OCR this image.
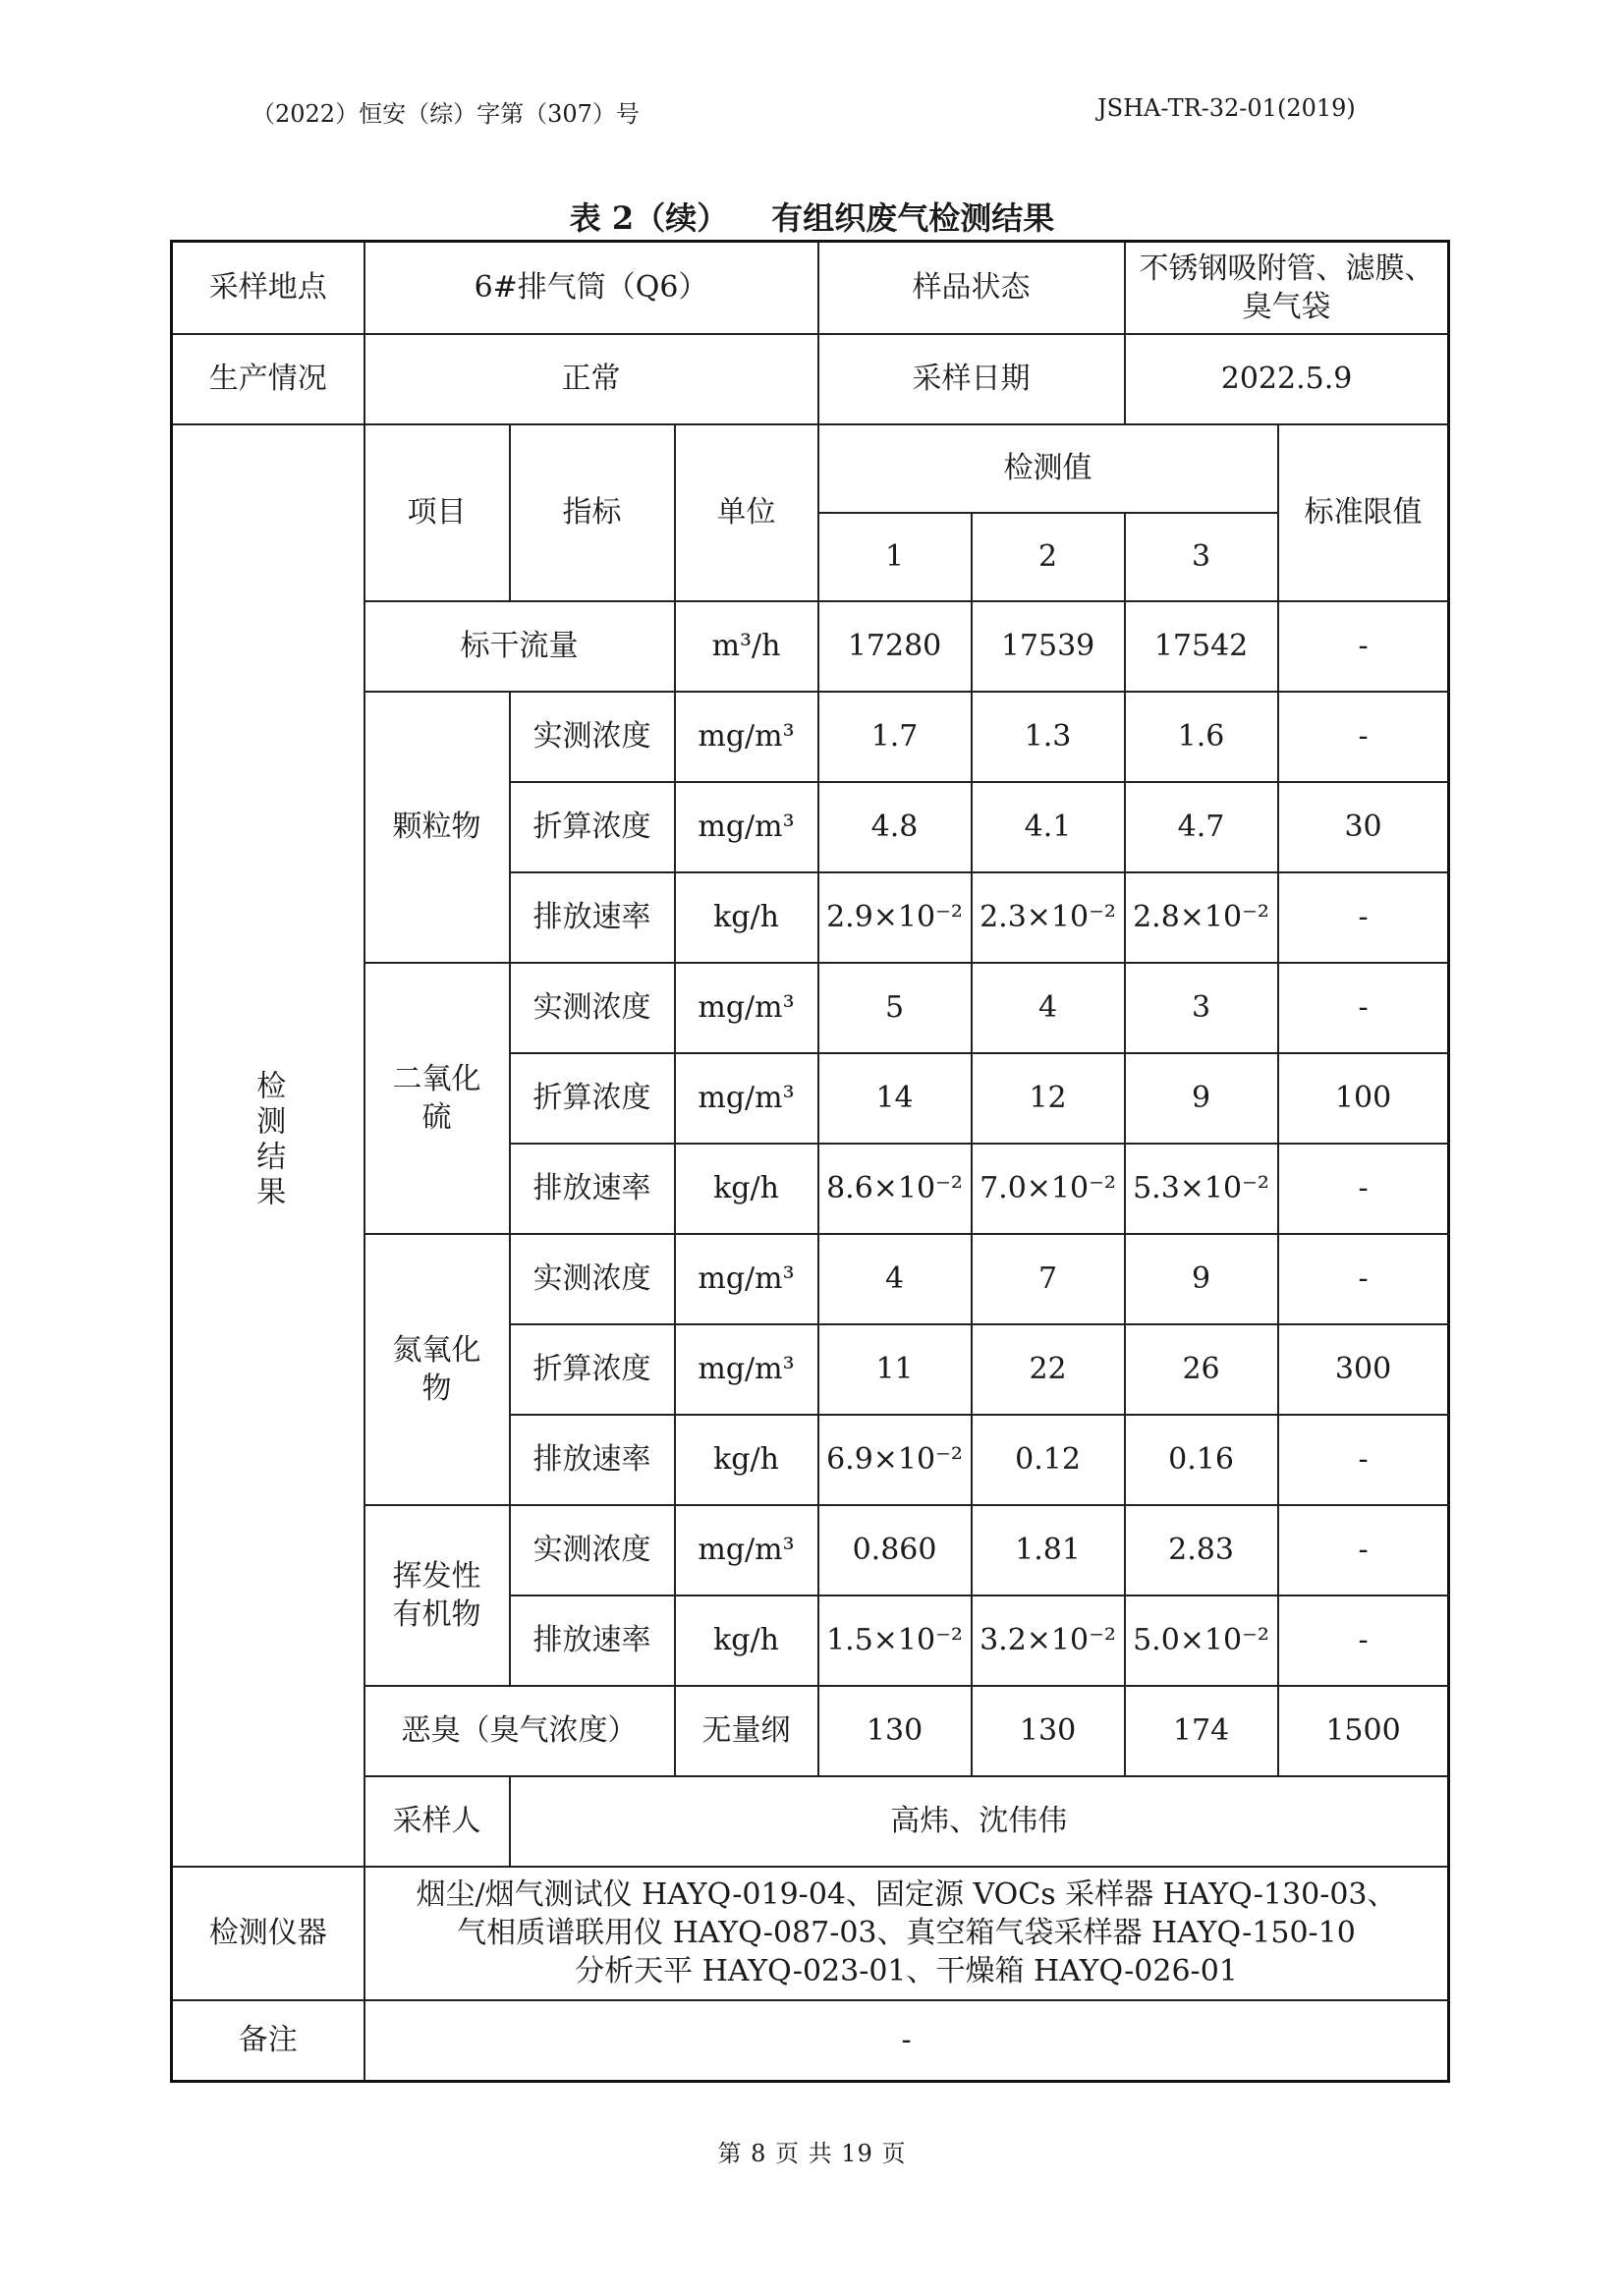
（2022）恒安（综）字第（307）号	JSHA-TR-32-01(2019)
表 2（续） 有组织废气检测结果
采样地点	6#排气筒（Q6）			样品状态		不锈钢吸附管、滤膜、臭气袋	
生产情况	正常			采样日期		2022.5.9	
检测结果	项目	指标	单位	检测值			标准限值
				1	2	3	
	标干流量		m³/h	17280	17539	17542	-
	颗粒物	实测浓度	mg/m³	1.7	1.3	1.6	-
		折算浓度	mg/m³	4.8	4.1	4.7	30
		排放速率	kg/h	2.9×10⁻²	2.3×10⁻²	2.8×10⁻²	-

	二氧化硫	实测浓度	mg/m³	5	4	3	-
		折算浓度	mg/m³	14	12	9	100
		排放速率	kg/h	8.6×10⁻²	7.0×10⁻²	5.3×10⁻²	-

	氮氧化物	实测浓度	mg/m³	4	7	9	-
		折算浓度	mg/m³	11	22	26	300
		排放速率	kg/h	6.9×10⁻²	0.12	0.16	-

	挥发性有机物	实测浓度	mg/m³	0.860	1.81	2.83	-
		排放速率	kg/h	1.5×10⁻²	3.2×10⁻²	5.0×10⁻²	-
	恶臭（臭气浓度）		无量纲	130	130	174	1500
	采样人	高炜、沈伟伟					
检测仪器	烟尘/烟气测试仪 HAYQ-019-04、固定源 VOCs 采样器 HAYQ-130-03、
气相质谱联用仪 HAYQ-087-03、真空箱气袋采样器 HAYQ-150-10
分析天平 HAYQ-023-01、干燥箱 HAYQ-026-01						

备注	-						
第 8 页 共 19 页
